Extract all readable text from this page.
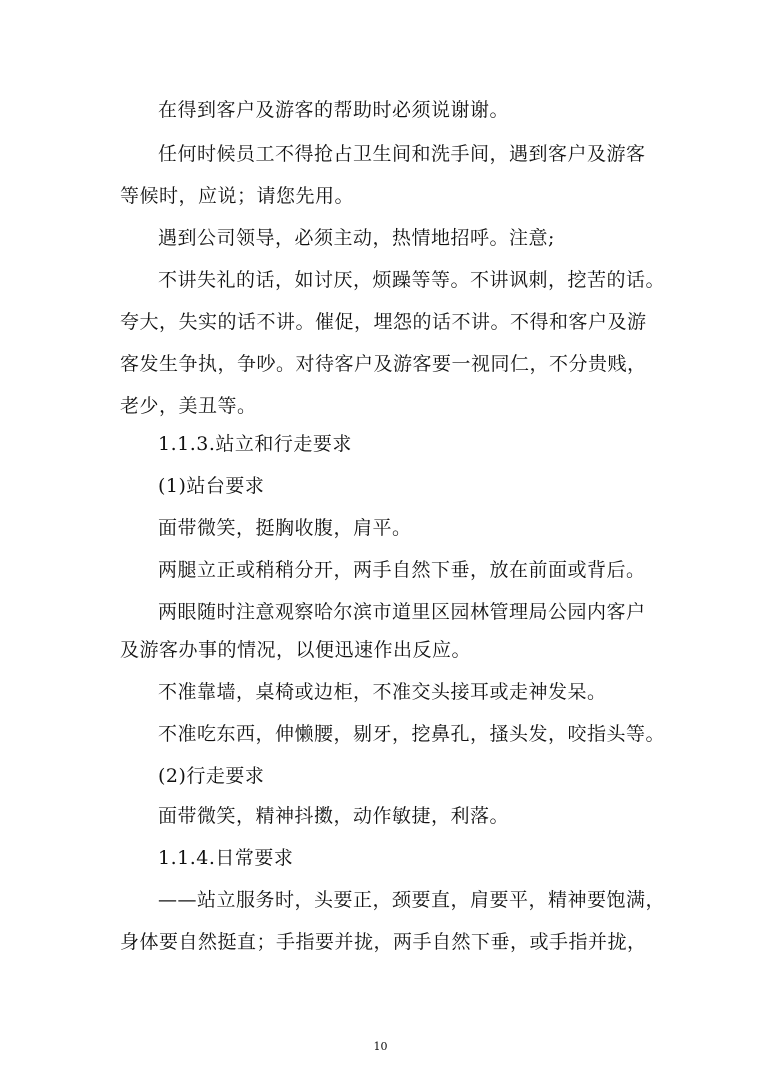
在得到客户及游客的帮助时必须说谢谢。
任何时候员工不得抢占卫生间和洗手间，遇到客户及游客
等候时，应说；请您先用。
遇到公司领导，必须主动，热情地招呼。注意;
不讲失礼的话，如讨厌，烦躁等等。不讲讽刺，挖苦的话。
夸大，失实的话不讲。催促，埋怨的话不讲。不得和客户及游
客发生争执，争吵。对待客户及游客要一视同仁，不分贵贱，
老少，美丑等。
1.1.3.站立和行走要求
(1)站台要求
面带微笑，挺胸收腹，肩平。
两腿立正或稍稍分开，两手自然下垂，放在前面或背后。
两眼随时注意观察哈尔滨市道里区园林管理局公园内客户
及游客办事的情况，以便迅速作出反应。
不准靠墙，桌椅或边柜，不准交头接耳或走神发呆。
不准吃东西，伸懒腰，剔牙，挖鼻孔，搔头发，咬指头等。
(2)行走要求
面带微笑，精神抖擞，动作敏捷，利落。
1.1.4.日常要求
——站立服务时，头要正，颈要直，肩要平，精神要饱满，
身体要自然挺直；手指要并拢，两手自然下垂，或手指并拢，
10
